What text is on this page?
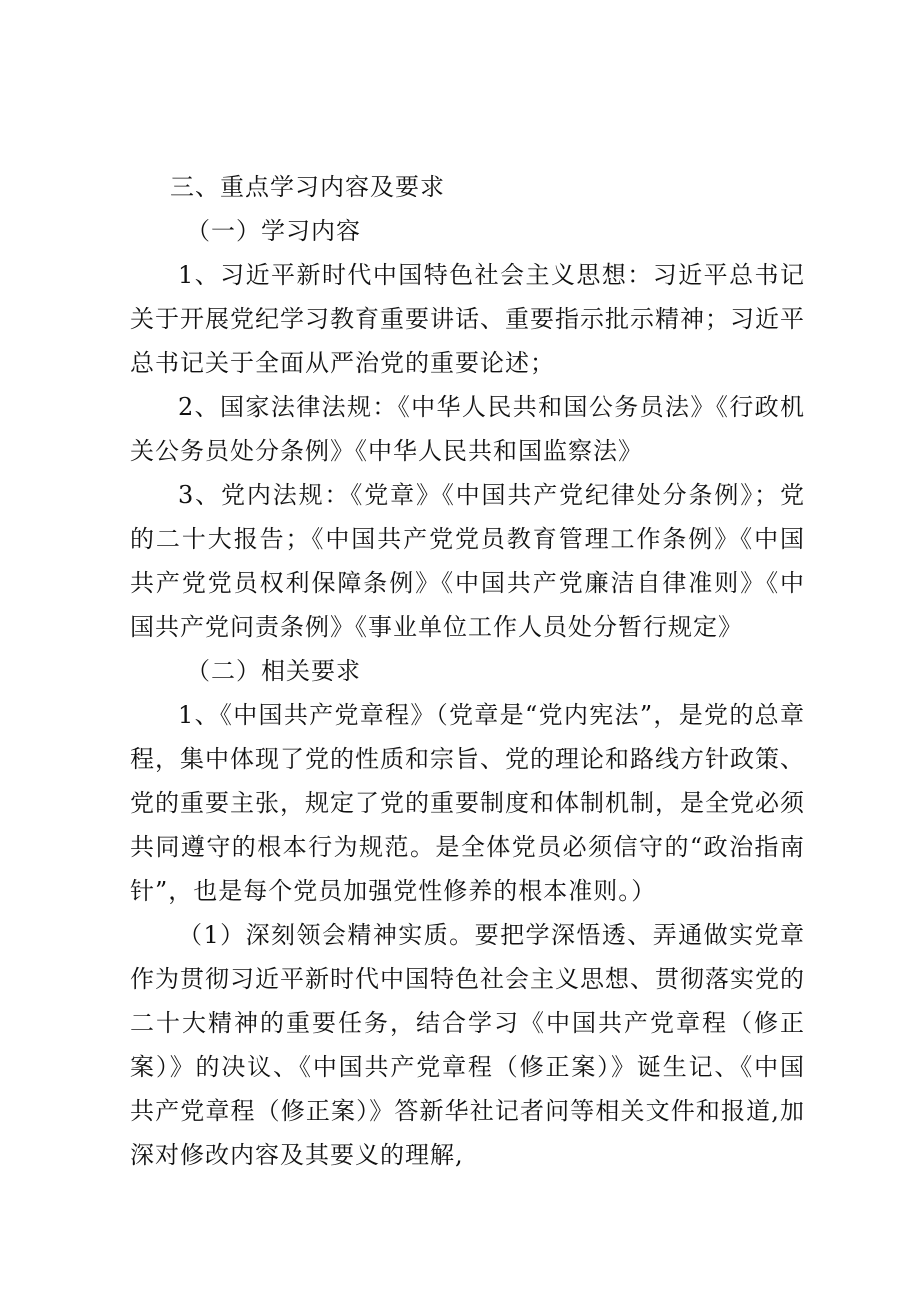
三、重点学习内容及要求

（一）学习内容

1、习近平新时代中国特色社会主义思想：习近平总书记关于开展党纪学习教育重要讲话、重要指示批示精神；习近平总书记关于全面从严治党的重要论述；

2、国家法律法规：《中华人民共和国公务员法》《行政机关公务员处分条例》《中华人民共和国监察法》

3、党内法规：《党章》《中国共产党纪律处分条例》；党的二十大报告；《中国共产党党员教育管理工作条例》《中国共产党党员权利保障条例》《中国共产党廉洁自律准则》《中国共产党问责条例》《事业单位工作人员处分暂行规定》

（二）相关要求

1、《中国共产党章程》（党章是“党内宪法”，是党的总章程，集中体现了党的性质和宗旨、党的理论和路线方针政策、党的重要主张，规定了党的重要制度和体制机制，是全党必须共同遵守的根本行为规范。是全体党员必须信守的“政治指南针”，也是每个党员加强党性修养的根本准则。）

（1）深刻领会精神实质。要把学深悟透、弄通做实党章作为贯彻习近平新时代中国特色社会主义思想、贯彻落实党的二十大精神的重要任务，结合学习《中国共产党章程（修正案）》的决议、《中国共产党章程（修正案）》诞生记、《中国共产党章程（修正案）》答新华社记者问等相关文件和报道,加深对修改内容及其要义的理解,
